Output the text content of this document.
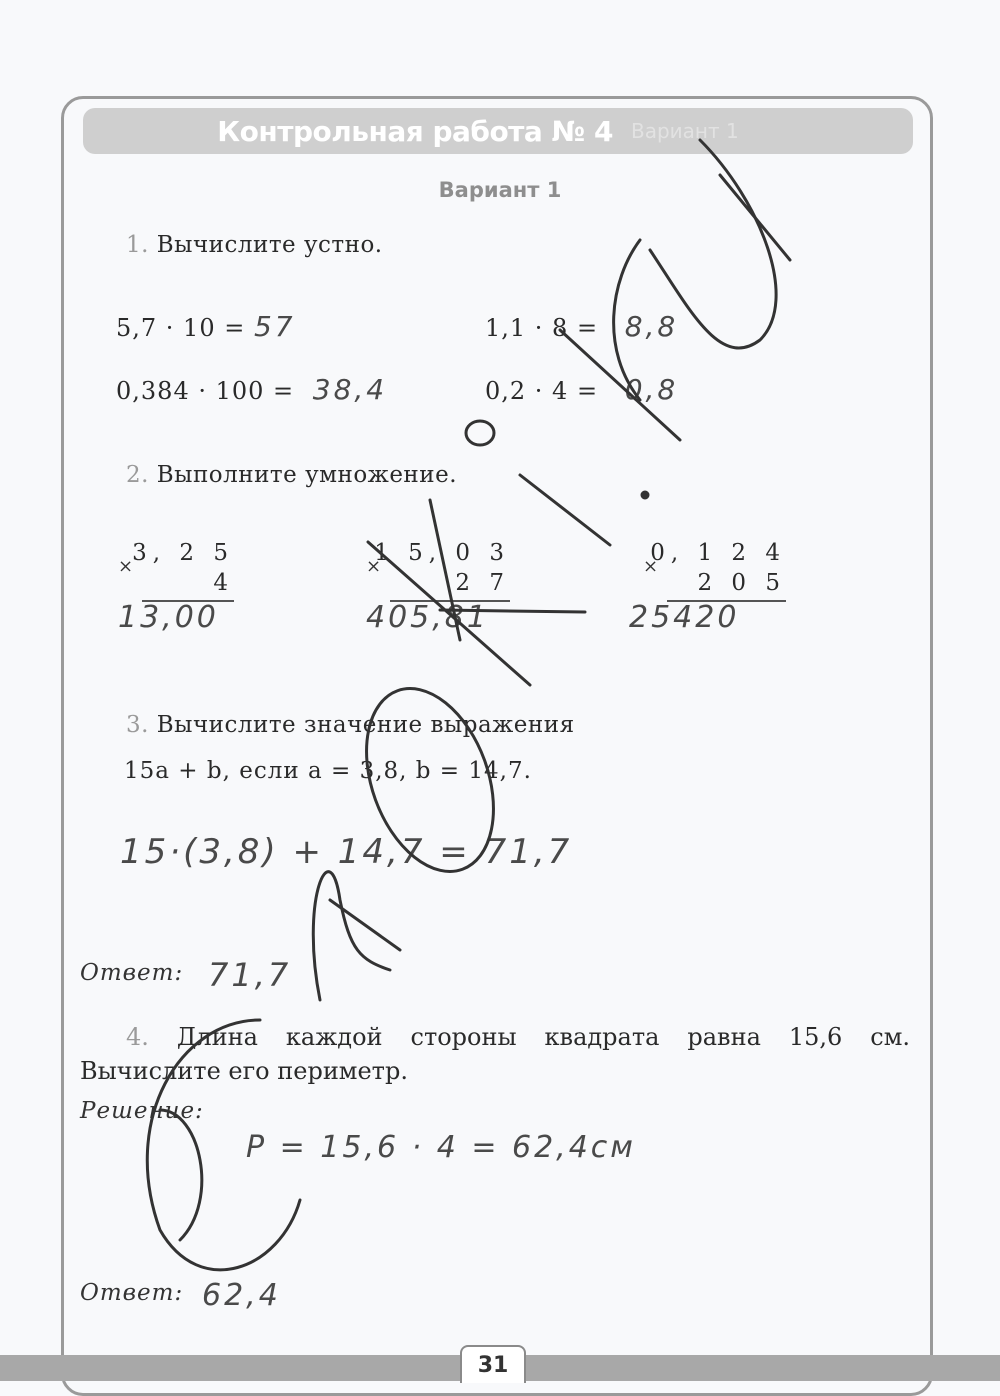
Контрольная работа № 4 Вариант 1
Вариант 1
1. Вычислите устно.
5,7 · 10 = 57
0,384 · 100 = 38,4
1,1 · 8 = 8,8
0,2 · 4 = 0,8
2. Выполните умножение.
×
3, 2 5
4
13,00
×
1 5, 0 3
2 7
405,81
×
0, 1 2 4
2 0 5
25420
3. Вычислите значение выражения
15a + b, если a = 3,8, b = 14,7.
15·(3,8) + 14,7 = 71,7
Ответ: 71,7
4. Длина каждой стороны квадрата равна 15,6 см. Вычислите его периметр.
Решение:
P = 15,6 · 4 = 62,4см
Ответ: 62,4
31
